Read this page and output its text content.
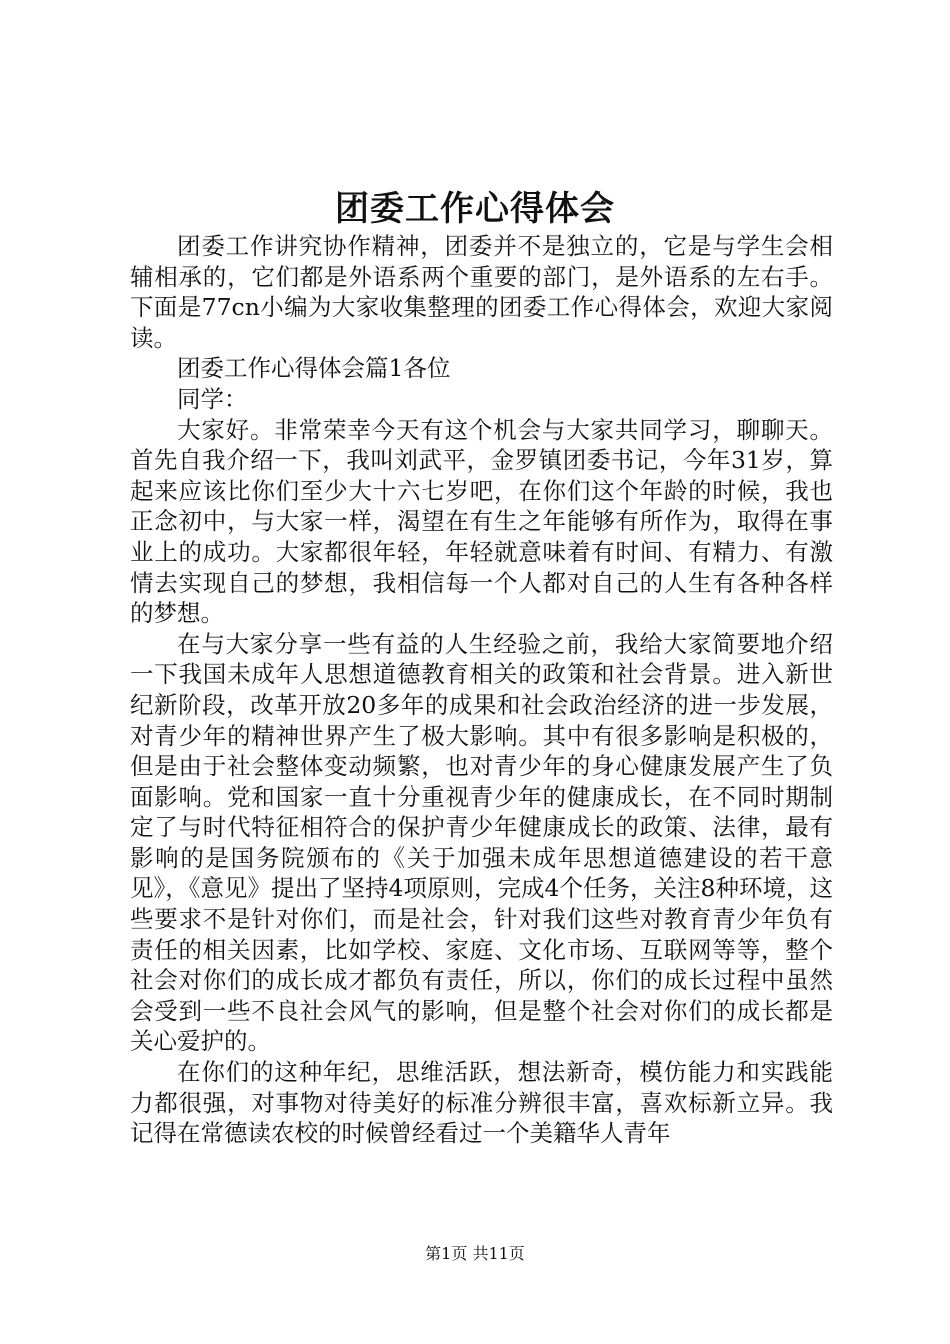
团委工作心得体会

团委工作讲究协作精神，团委并不是独立的，它是与学生会相辅相承的，它们都是外语系两个重要的部门，是外语系的左右手。下面是77cn小编为大家收集整理的团委工作心得体会，欢迎大家阅读。

团委工作心得体会篇1各位

同学：

大家好。非常荣幸今天有这个机会与大家共同学习，聊聊天。首先自我介绍一下，我叫刘武平，金罗镇团委书记，今年31岁，算起来应该比你们至少大十六七岁吧，在你们这个年龄的时候，我也正念初中，与大家一样，渴望在有生之年能够有所作为，取得在事业上的成功。大家都很年轻，年轻就意味着有时间、有精力、有激情去实现自己的梦想，我相信每一个人都对自己的人生有各种各样的梦想。

在与大家分享一些有益的人生经验之前，我给大家简要地介绍一下我国未成年人思想道德教育相关的政策和社会背景。进入新世纪新阶段，改革开放20多年的成果和社会政治经济的进一步发展，对青少年的精神世界产生了极大影响。其中有很多影响是积极的，但是由于社会整体变动频繁，也对青少年的身心健康发展产生了负面影响。党和国家一直十分重视青少年的健康成长，在不同时期制定了与时代特征相符合的保护青少年健康成长的政策、法律，最有影响的是国务院颁布的《关于加强未成年思想道德建设的若干意见》，《意见》提出了坚持4项原则，完成4个任务，关注8种环境，这些要求不是针对你们，而是社会，针对我们这些对教育青少年负有责任的相关因素，比如学校、家庭、文化市场、互联网等等，整个社会对你们的成长成才都负有责任，所以，你们的成长过程中虽然会受到一些不良社会风气的影响，但是整个社会对你们的成长都是关心爱护的。

在你们的这种年纪，思维活跃，想法新奇，模仿能力和实践能力都很强，对事物对待美好的标准分辨很丰富，喜欢标新立异。我记得在常德读农校的时候曾经看过一个美籍华人青年

第1页 共11页
